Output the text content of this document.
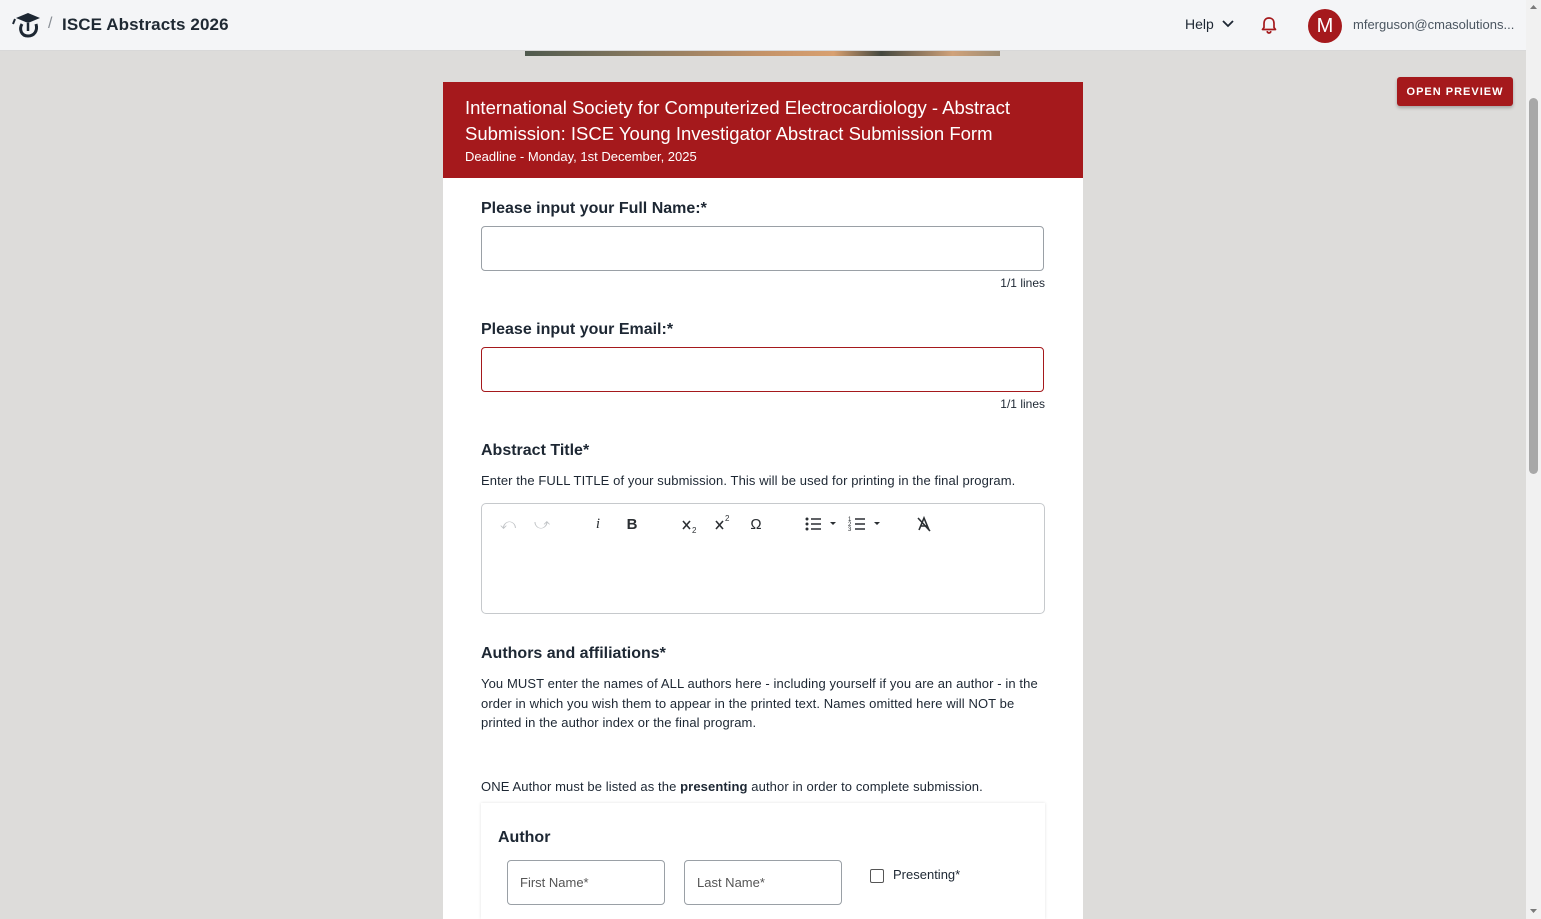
/ ISCE Abstracts 2026	Help	M	mferguson@cmasolutions...
OPEN PREVIEW
International Society for Computerized Electrocardiology - Abstract Submission: ISCE Young Investigator Abstract Submission Form
Deadline - Monday, 1st December, 2025
Please input your Full Name:*
1/1 lines
Please input your Email:*
1/1 lines
Abstract Title*
Enter the FULL TITLE of your submission. This will be used for printing in the final program.
⤺ ⤻	i	B	2
2 Ω	1
2
3
Authors and affiliations*
You MUST enter the names of ALL authors here - including yourself if you are an author - in the order in which you wish them to appear in the printed text. Names omitted here will NOT be printed in the author index or the final program.
ONE Author must be listed as the presenting author in order to complete submission.
Author
First Name*
Last Name*
Presenting*
